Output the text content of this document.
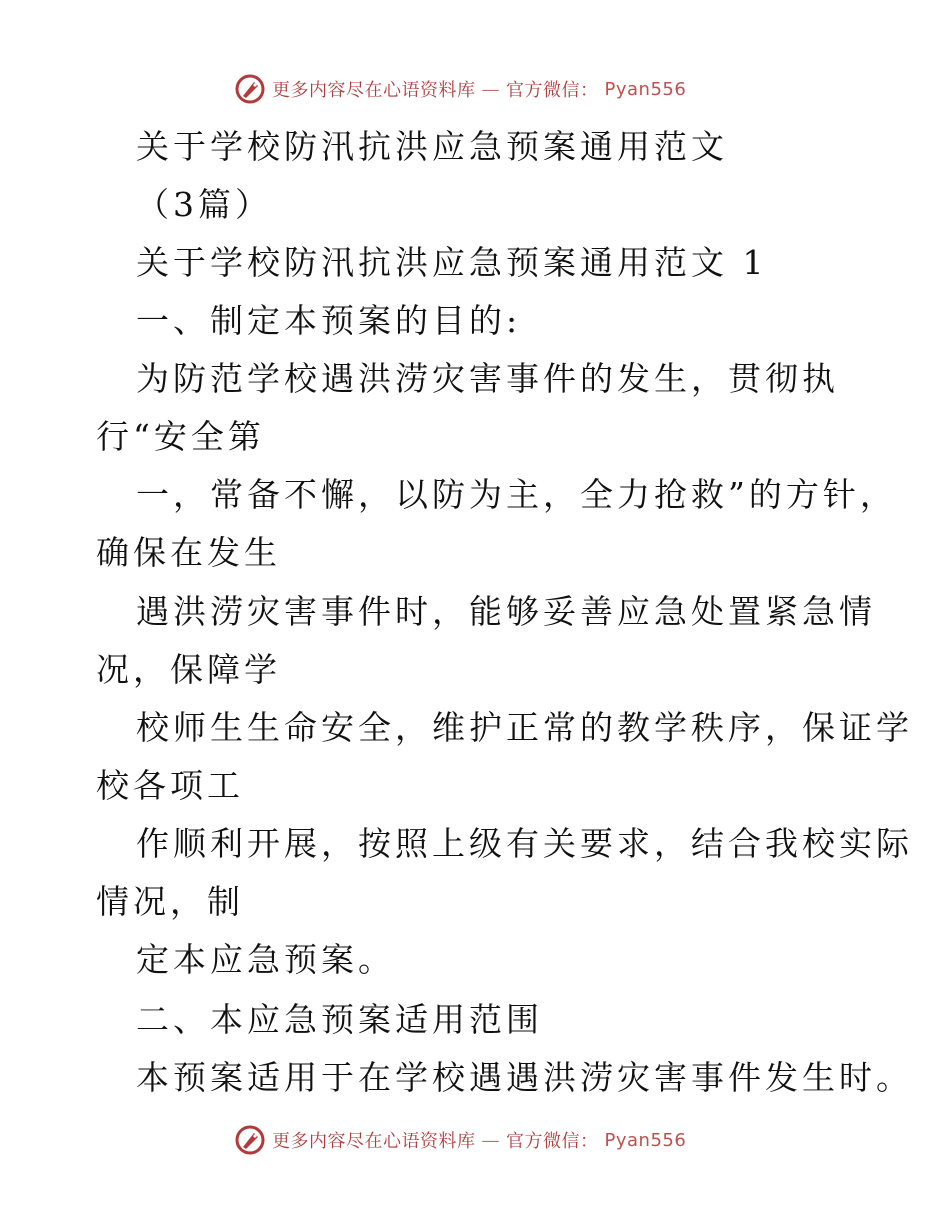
更多内容尽在心语资料库 — 官方微信： Pyan556
关于学校防汛抗洪应急预案通用范文
（3篇）
关于学校防汛抗洪应急预案通用范文 1
一、制定本预案的目的:
为防范学校遇洪涝灾害事件的发生，贯彻执
行“安全第
一，常备不懈，以防为主，全力抢救”的方针，
确保在发生
遇洪涝灾害事件时，能够妥善应急处置紧急情
况，保障学
校师生生命安全，维护正常的教学秩序，保证学
校各项工
作顺利开展，按照上级有关要求，结合我校实际
情况，制
定本应急预案。
二、本应急预案适用范围
本预案适用于在学校遇遇洪涝灾害事件发生时。
更多内容尽在心语资料库 — 官方微信： Pyan556
